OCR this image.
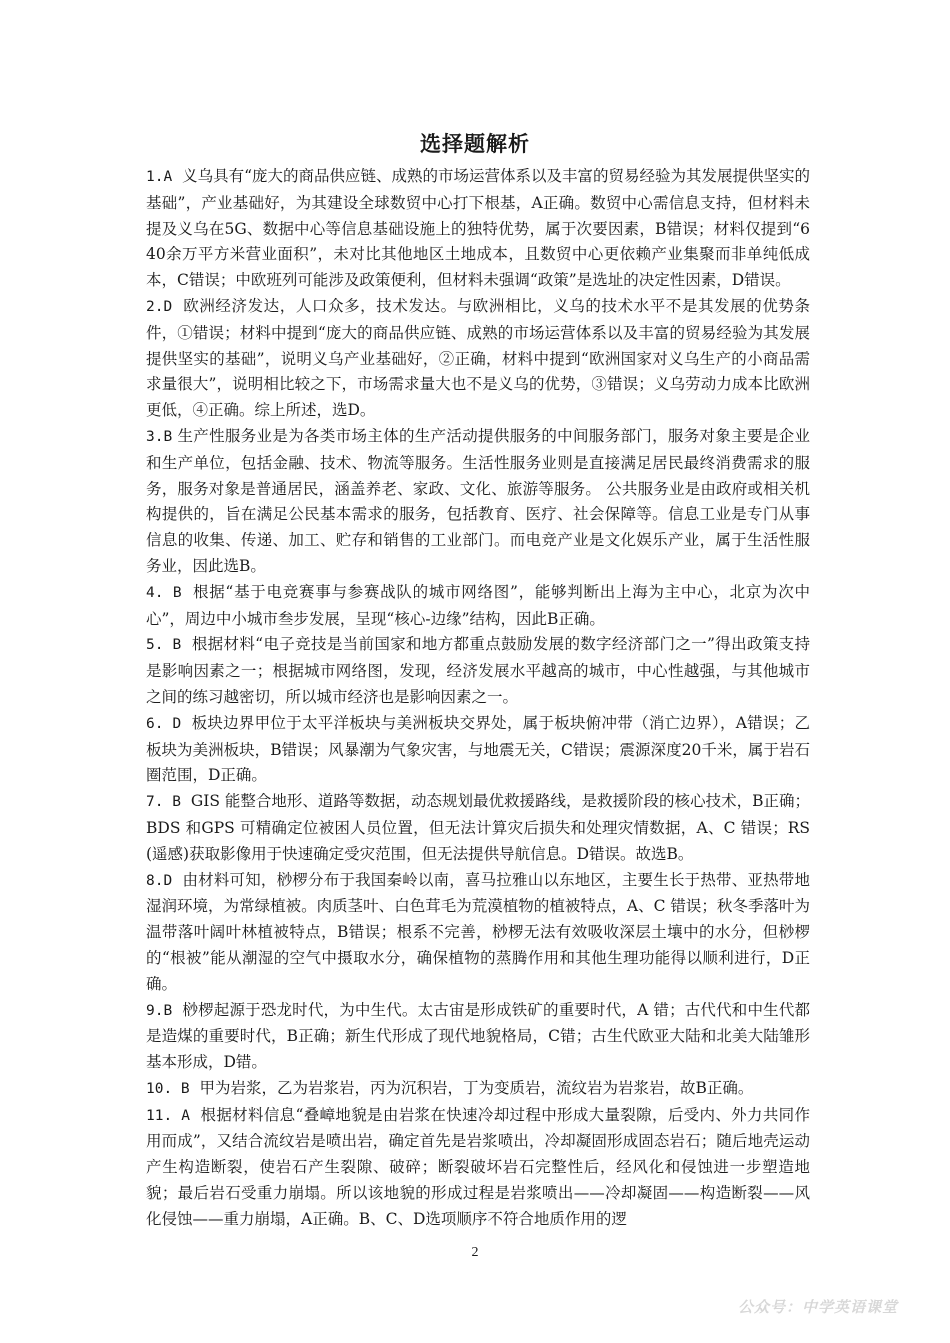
选择题解析

1.A 义乌具有“庞大的商品供应链、成熟的市场运营体系以及丰富的贸易经验为其发展提供坚实的基础”，产业基础好，为其建设全球数贸中心打下根基，A正确。数贸中心需信息支持，但材料未提及义乌在5G、数据中心等信息基础设施上的独特优势，属于次要因素，B错误；材料仅提到“640余万平方米营业面积”，未对比其他地区土地成本，且数贸中心更依赖产业集聚而非单纯低成本，C错误；中欧班列可能涉及政策便利，但材料未强调“政策”是选址的决定性因素，D错误。

2.D 欧洲经济发达，人口众多，技术发达。与欧洲相比，义乌的技术水平不是其发展的优势条件，①错误；材料中提到“庞大的商品供应链、成熟的市场运营体系以及丰富的贸易经验为其发展提供坚实的基础”，说明义乌产业基础好，②正确，材料中提到“欧洲国家对义乌生产的小商品需求量很大”，说明相比较之下，市场需求量大也不是义乌的优势，③错误；义乌劳动力成本比欧洲更低，④正确。综上所述，选D。

3.B 生产性服务业是为各类市场主体的生产活动提供服务的中间服务部门，服务对象主要是企业和生产单位，包括金融、技术、物流等服务。生活性服务业则是直接满足居民最终消费需求的服务，服务对象是普通居民，涵盖养老、家政、文化、旅游等服务。 公共服务业是由政府或相关机构提供的，旨在满足公民基本需求的服务，包括教育、医疗、社会保障等。信息工业是专门从事信息的收集、传递、加工、贮存和销售的工业部门。而电竞产业是文化娱乐产业，属于生活性服务业，因此选B。

4. B 根据“基于电竞赛事与参赛战队的城市网络图”，能够判断出上海为主中心，北京为次中心”，周边中小城市叁步发展，呈现“核心-边缘”结构，因此B正确。

5. B 根据材料“电子竞技是当前国家和地方都重点鼓励发展的数字经济部门之一”得出政策支持是影响因素之一；根据城市网络图，发现，经济发展水平越高的城市，中心性越强，与其他城市之间的练习越密切，所以城市经济也是影响因素之一。

6. D 板块边界甲位于太平洋板块与美洲板块交界处，属于板块俯冲带（消亡边界），A错误；乙板块为美洲板块，B错误；风暴潮为气象灾害，与地震无关，C错误；震源深度20千米，属于岩石圈范围，D正确。

7. B GIS 能整合地形、道路等数据，动态规划最优救援路线，是救援阶段的核心技术，B正确；BDS 和GPS 可精确定位被困人员位置，但无法计算灾后损失和处理灾情数据，A、C 错误；RS(遥感)获取影像用于快速确定受灾范围，但无法提供导航信息。D错误。故选B。

8.D 由材料可知，桫椤分布于我国秦岭以南，喜马拉雅山以东地区，主要生长于热带、亚热带地湿润环境，为常绿植被。肉质茎叶、白色茸毛为荒漠植物的植被特点，A、C 错误；秋冬季落叶为温带落叶阔叶林植被特点，B错误；根系不完善，桫椤无法有效吸收深层土壤中的水分，但桫椤的“根被”能从潮湿的空气中摄取水分，确保植物的蒸腾作用和其他生理功能得以顺利进行，D正确。

9.B 桫椤起源于恐龙时代，为中生代。太古宙是形成铁矿的重要时代，A 错；古代代和中生代都是造煤的重要时代，B正确；新生代形成了现代地貌格局，C错；古生代欧亚大陆和北美大陆雏形基本形成，D错。

10. B 甲为岩浆，乙为岩浆岩，丙为沉积岩，丁为变质岩，流纹岩为岩浆岩，故B正确。

11. A 根据材料信息“叠嶂地貌是由岩浆在快速冷却过程中形成大量裂隙，后受内、外力共同作用而成”，又结合流纹岩是喷出岩，确定首先是岩浆喷出，冷却凝固形成固态岩石；随后地壳运动产生构造断裂，使岩石产生裂隙、破碎；断裂破坏岩石完整性后，经风化和侵蚀进一步塑造地貌；最后岩石受重力崩塌。所以该地貌的形成过程是岩浆喷出——冷却凝固——构造断裂——风化侵蚀——重力崩塌，A正确。B、C、D选项顺序不符合地质作用的逻

2
公众号：中学英语课堂
